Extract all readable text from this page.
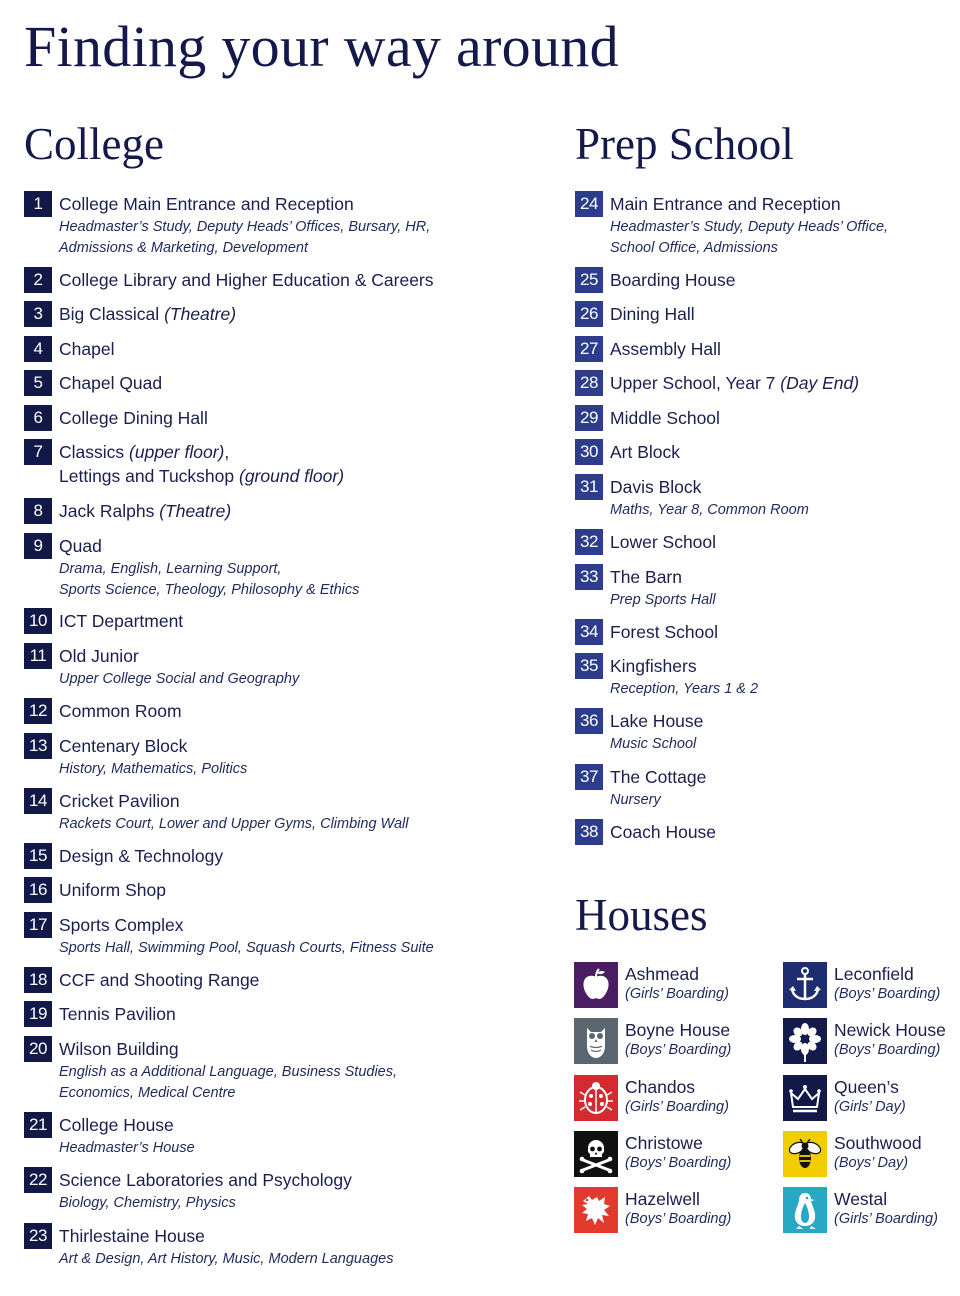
Finding your way around
College
1 College Main Entrance and Reception
Headmaster’s Study, Deputy Heads’ Offices, Bursary, HR,
Admissions & Marketing, Development
2 College Library and Higher Education & Careers
3 Big Classical (Theatre)
4 Chapel
5 Chapel Quad
6 College Dining Hall
7 Classics (upper floor),
Lettings and Tuckshop (ground floor)
8 Jack Ralphs (Theatre)
9 Quad
Drama, English, Learning Support,
Sports Science, Theology, Philosophy & Ethics
10 ICT Department
11 Old Junior
Upper College Social and Geography
12 Common Room
13 Centenary Block
History, Mathematics, Politics
14 Cricket Pavilion
Rackets Court, Lower and Upper Gyms, Climbing Wall
15 Design & Technology
16 Uniform Shop
17 Sports Complex
Sports Hall, Swimming Pool, Squash Courts, Fitness Suite
18 CCF and Shooting Range
19 Tennis Pavilion
20 Wilson Building
English as a Additional Language, Business Studies,
Economics, Medical Centre
21 College House
Headmaster’s House
22 Science Laboratories and Psychology
Biology, Chemistry, Physics
23 Thirlestaine House
Art & Design, Art History, Music, Modern Languages
Prep School
24 Main Entrance and Reception
Headmaster’s Study, Deputy Heads’ Office,
School Office, Admissions
25 Boarding House
26 Dining Hall
27 Assembly Hall
28 Upper School, Year 7 (Day End)
29 Middle School
30 Art Block
31 Davis Block
Maths, Year 8, Common Room
32 Lower School
33 The Barn
Prep Sports Hall
34 Forest School
35 Kingfishers
Reception, Years 1 & 2
36 Lake House
Music School
37 The Cottage
Nursery
38 Coach House
Houses
Ashmead
(Girls’ Boarding)
Leconfield
(Boys’ Boarding)
Boyne House
(Boys’ Boarding)
Newick House
(Boys’ Boarding)
Chandos
(Girls’ Boarding)
Queen’s
(Girls’ Day)
Christowe
(Boys’ Boarding)
Southwood
(Boys’ Day)
Hazelwell
(Boys’ Boarding)
Westal
(Girls’ Boarding)
